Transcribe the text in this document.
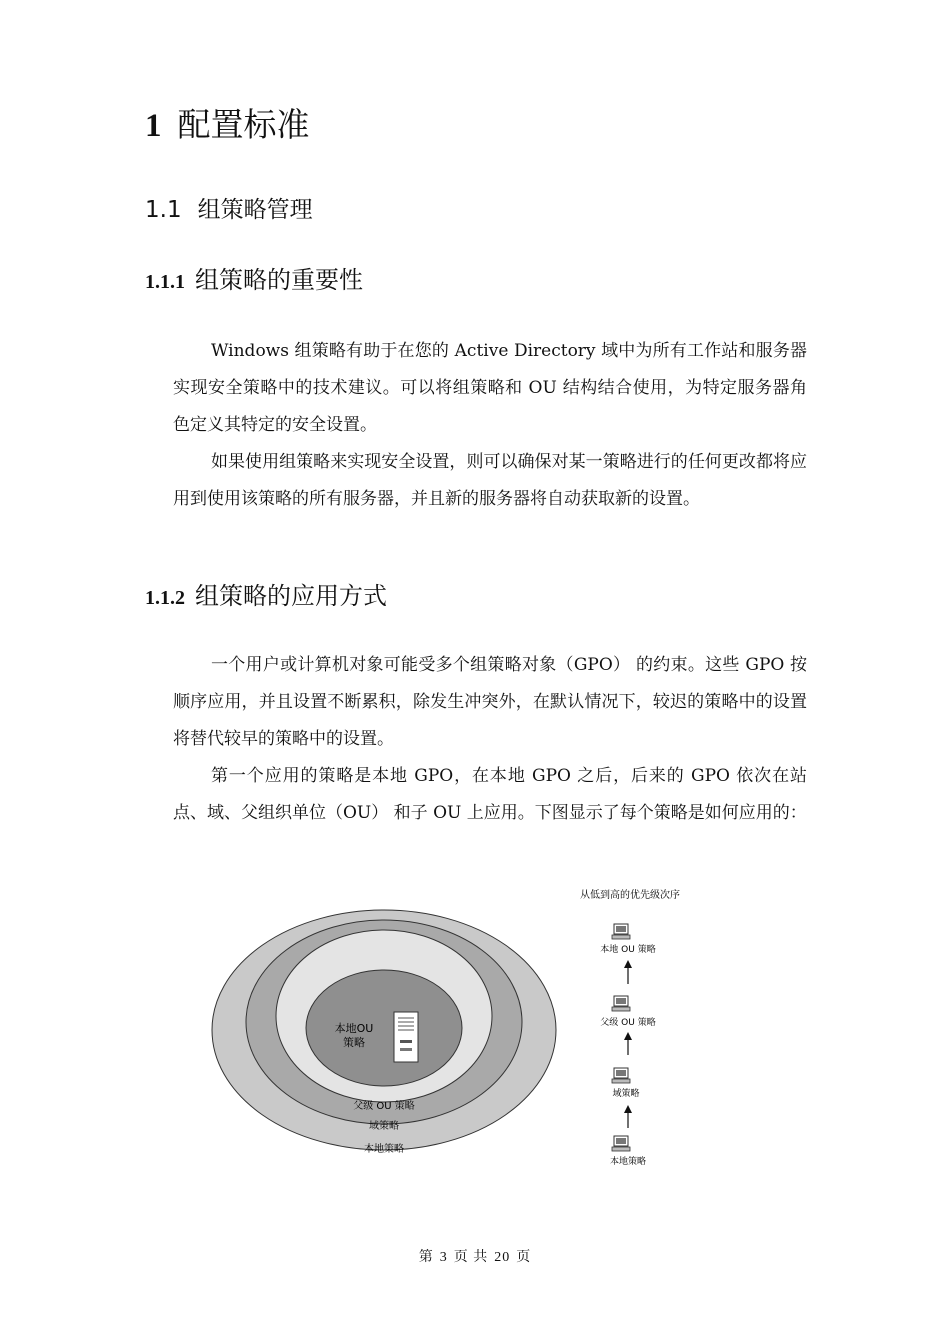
1 配置标准
1.1 组策略管理
1.1.1 组策略的重要性

Windows 组策略有助于在您的 Active Directory 域中为所有工作站和服务器实现安全策略中的技术建议。可以将组策略和 OU 结构结合使用，为特定服务器角色定义其特定的安全设置。

如果使用组策略来实现安全设置，则可以确保对某一策略进行的任何更改都将应用到使用该策略的所有服务器，并且新的服务器将自动获取新的设置。

1.1.2 组策略的应用方式

一个用户或计算机对象可能受多个组策略对象（GPO） 的约束。这些 GPO 按顺序应用，并且设置不断累积，除发生冲突外，在默认情况下，较迟的策略中的设置将替代较早的策略中的设置。

第一个应用的策略是本地 GPO，在本地 GPO 之后，后来的 GPO 依次在站点、域、父组织单位（OU） 和子 OU 上应用。下图显示了每个策略是如何应用的：

本地OU
策略
父级 OU 策略
域策略
本地策略
从低到高的优先级次序
本地 OU 策略
父级 OU 策略
域策略
本地策略
第 3 页 共 20 页
